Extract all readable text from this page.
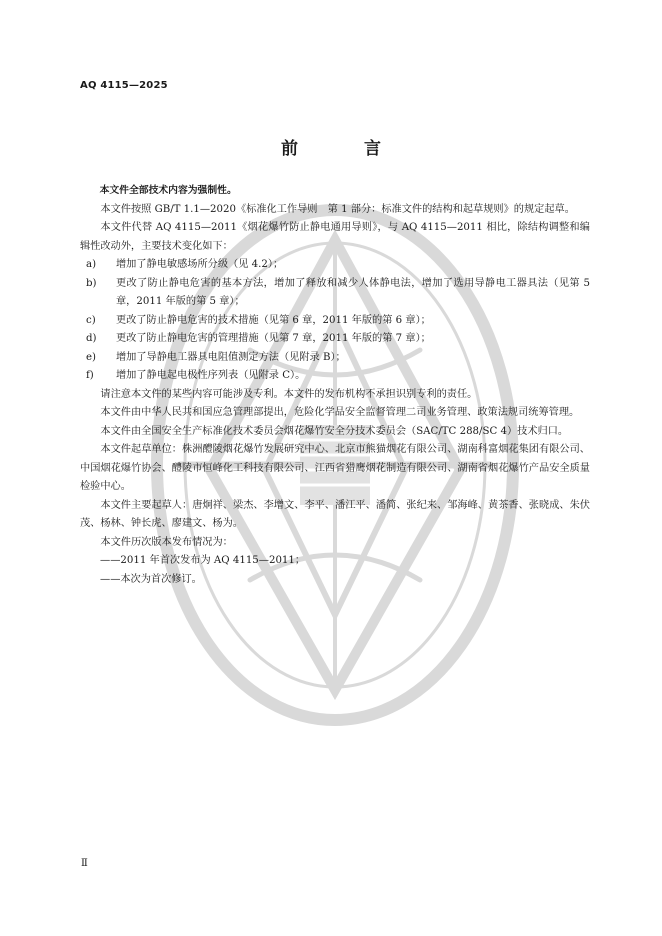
AQ 4115—2025
前 言

本文件全部技术内容为强制性。

本文件按照 GB/T 1.1—2020《标准化工作导则　第 1 部分：标准文件的结构和起草规则》的规定起草。

本文件代替 AQ 4115—2011《烟花爆竹防止静电通用导则》，与 AQ 4115—2011 相比，除结构调整和编辑性改动外，主要技术变化如下：

a)	增加了静电敏感场所分级（见 4.2）；
b)	更改了防止静电危害的基本方法，增加了释放和减少人体静电法，增加了选用导静电工器具法（见第 5 章，2011 年版的第 5 章）；
c)	更改了防止静电危害的技术措施（见第 6 章，2011 年版的第 6 章）；
d)	更改了防止静电危害的管理措施（见第 7 章，2011 年版的第 7 章）；
e)	增加了导静电工器具电阻值测定方法（见附录 B）；
f)	增加了静电起电极性序列表（见附录 C）。

请注意本文件的某些内容可能涉及专利。本文件的发布机构不承担识别专利的责任。

本文件由中华人民共和国应急管理部提出，危险化学品安全监督管理二司业务管理、政策法规司统筹管理。

本文件由全国安全生产标准化技术委员会烟花爆竹安全分技术委员会（SAC/TC 288/SC 4）技术归口。

本文件起草单位：株洲醴陵烟花爆竹发展研究中心、北京市熊猫烟花有限公司、湖南科富烟花集团有限公司、中国烟花爆竹协会、醴陵市恒峰化工科技有限公司、江西省猎鹰烟花制造有限公司、湖南省烟花爆竹产品安全质量检验中心。

本文件主要起草人：唐炯祥、梁杰、李增文、李平、潘江平、潘简、张纪来、邹海峰、黄茶香、张晓成、朱伏茂、杨林、钟长虎、廖建文、杨为。

本文件历次版本发布情况为：

——2011 年首次发布为 AQ 4115—2011；

——本次为首次修订。

Ⅱ
